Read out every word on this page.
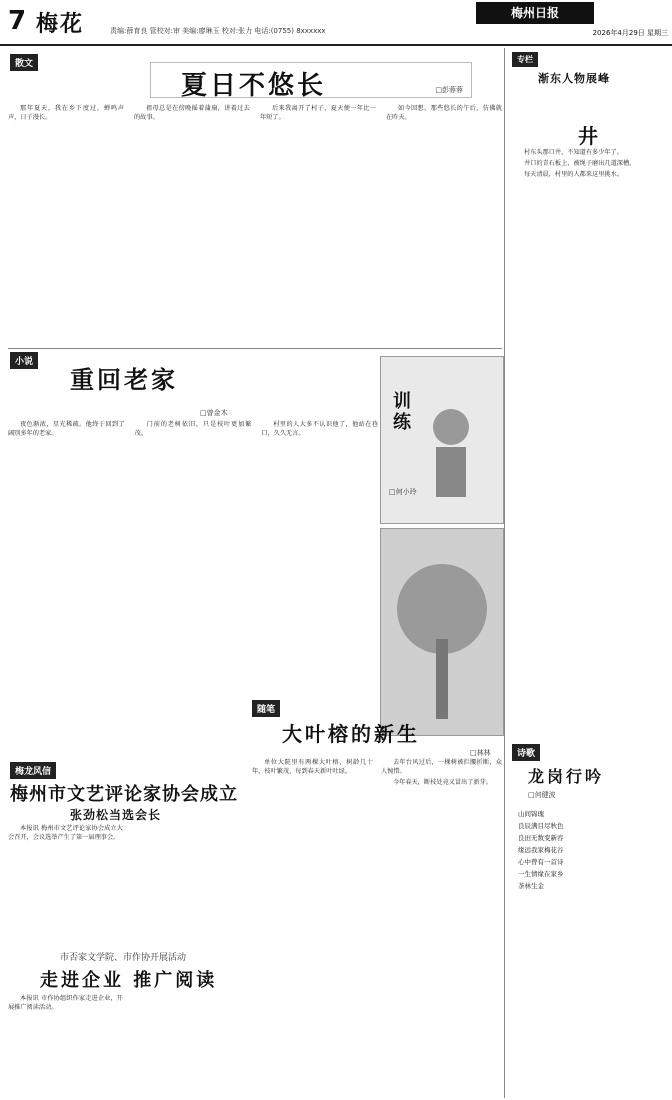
7 梅花	责编:薛育良 管校对:审 美编:廖琳玉 校对:张力 电话:(0755) 8xxxxxx
梅州日报
2026年4月29日 星期三
散文
夏日不悠长	□彭蓉蓉

那年夏天，我在乡下度过，蝉鸣声声，日子漫长。

祖母总是在傍晚摇着蒲扇，讲着过去的故事。

后来我离开了村子，夏天便一年比一年短了。

如今回想，那些悠长的午后，仿佛就在昨天。

小说
重回老家
□曾金木

夜色渐浓，星光稀疏。他终于回到了阔别多年的老家。

门前的老树依旧，只是枝叶更加繁茂。

村里的人大多不认识他了，他站在巷口，久久无言。

训练
□何小玲
随笔
大叶榕的新生
□林林

单位大院里有两棵大叶榕，树龄几十年，枝叶繁茂，每到春天新叶吐绿。

去年台风过后，一棵树被拦腰折断，众人惋惜。

今年春天，断枝处竟又冒出了新芽。

梅龙风信
梅州市文艺评论家协会成立
张劲松当选会长

本报讯 梅州市文艺评论家协会成立大会召开，会议选举产生了第一届理事会。

市否家文学院、市作协开展活动
走进企业 推广阅读

本报讯 市作协组织作家走进企业，开展推广阅读活动。

专栏
渐东人物展峰
井

村东头那口井，不知道有多少年了。

井口的青石板上，被绳子磨出几道深槽。

每天清晨，村里的人都来这里挑水。

诗歌
龙岗行吟
□何健波
山间锦瑰
良辰满目尽秋色
良田无数变新容
缘远我家梅花谷
心中曾有一首诗
一生情缘在家乡
茶林生金
